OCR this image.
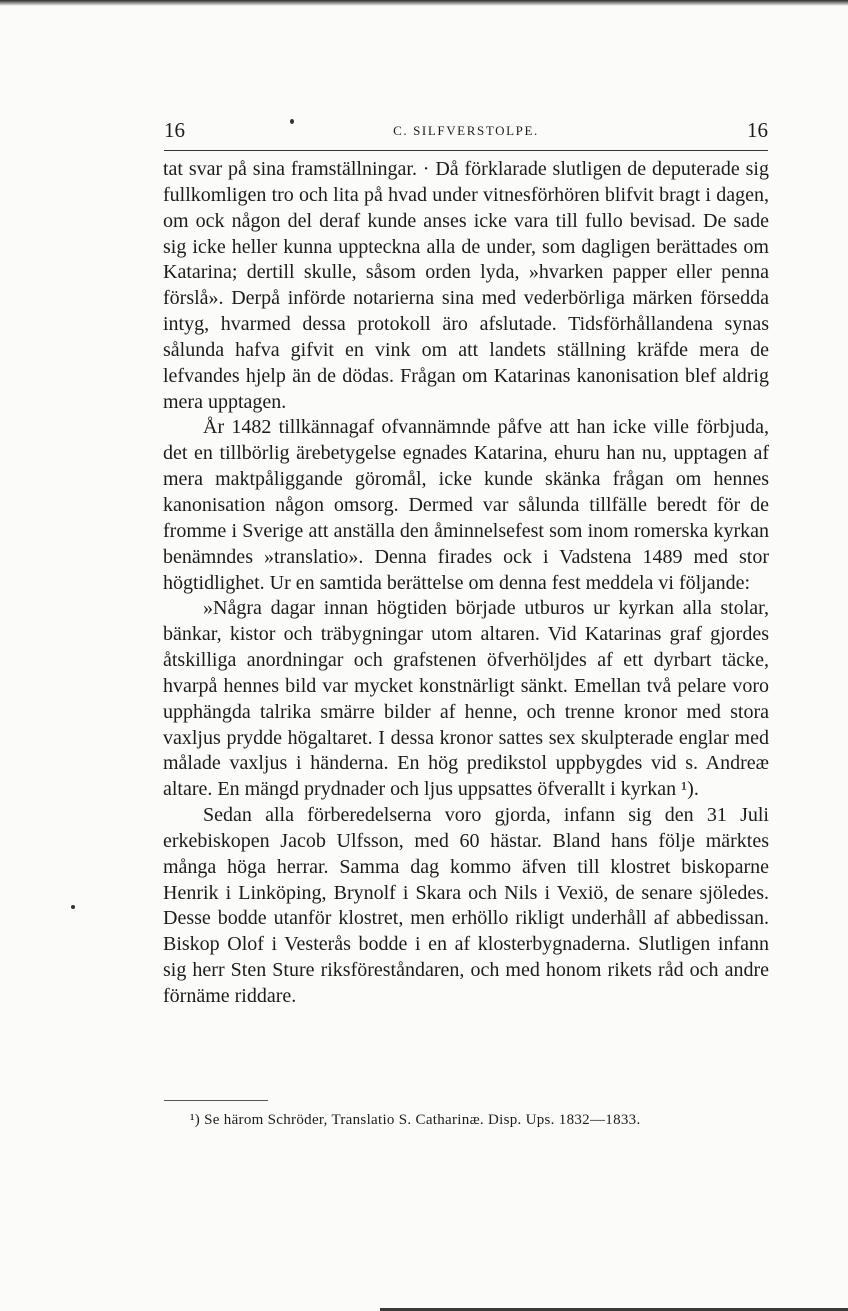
16	C. SILFVERSTOLPE.	16

tat svar på sina framställningar. · Då förklarade slutligen de deputerade sig fullkomligen tro och lita på hvad under vitnesförhören blifvit bragt i dagen, om ock någon del deraf kunde anses icke vara till fullo bevisad. De sade sig icke heller kunna uppteckna alla de under, som dagligen berättades om Katarina; dertill skulle, såsom orden lyda, »hvarken papper eller penna förslå». Derpå införde notarierna sina med vederbörliga märken försedda intyg, hvarmed dessa protokoll äro afslutade. Tidsförhållandena synas sålunda hafva gifvit en vink om att landets ställning kräfde mera de lefvandes hjelp än de dödas. Frågan om Katarinas kanonisation blef aldrig mera upptagen.

År 1482 tillkännagaf ofvannämnde påfve att han icke ville förbjuda, det en tillbörlig ärebetygelse egnades Katarina, ehuru han nu, upptagen af mera maktpåliggande göromål, icke kunde skänka frågan om hennes kanonisation någon omsorg. Dermed var sålunda tillfälle beredt för de fromme i Sverige att anställa den åminnelsefest som inom romerska kyrkan benämndes »translatio». Denna firades ock i Vadstena 1489 med stor högtidlighet. Ur en samtida berättelse om denna fest meddela vi följande:

»Några dagar innan högtiden började utburos ur kyrkan alla stolar, bänkar, kistor och träbygningar utom altaren. Vid Katarinas graf gjordes åtskilliga anordningar och grafstenen öfverhöljdes af ett dyrbart täcke, hvarpå hennes bild var mycket konstnärligt sänkt. Emellan två pelare voro upphängda talrika smärre bilder af henne, och trenne kronor med stora vaxljus prydde högaltaret. I dessa kronor sattes sex skulpterade englar med målade vaxljus i händerna. En hög predikstol uppbygdes vid s. Andreæ altare. En mängd prydnader och ljus uppsattes öfverallt i kyrkan ¹).

Sedan alla förberedelserna voro gjorda, infann sig den 31 Juli erkebiskopen Jacob Ulfsson, med 60 hästar. Bland hans följe märktes många höga herrar. Samma dag kommo äfven till klostret biskoparne Henrik i Linköping, Brynolf i Skara och Nils i Vexiö, de senare sjöledes. Desse bodde utanför klostret, men erhöllo rikligt underhåll af abbedissan. Biskop Olof i Vesterås bodde i en af klosterbygnaderna. Slutligen infann sig herr Sten Sture riksföreståndaren, och med honom rikets råd och andre förnäme riddare.

¹) Se härom Schröder, Translatio S. Catharinæ. Disp. Ups. 1832—1833.
